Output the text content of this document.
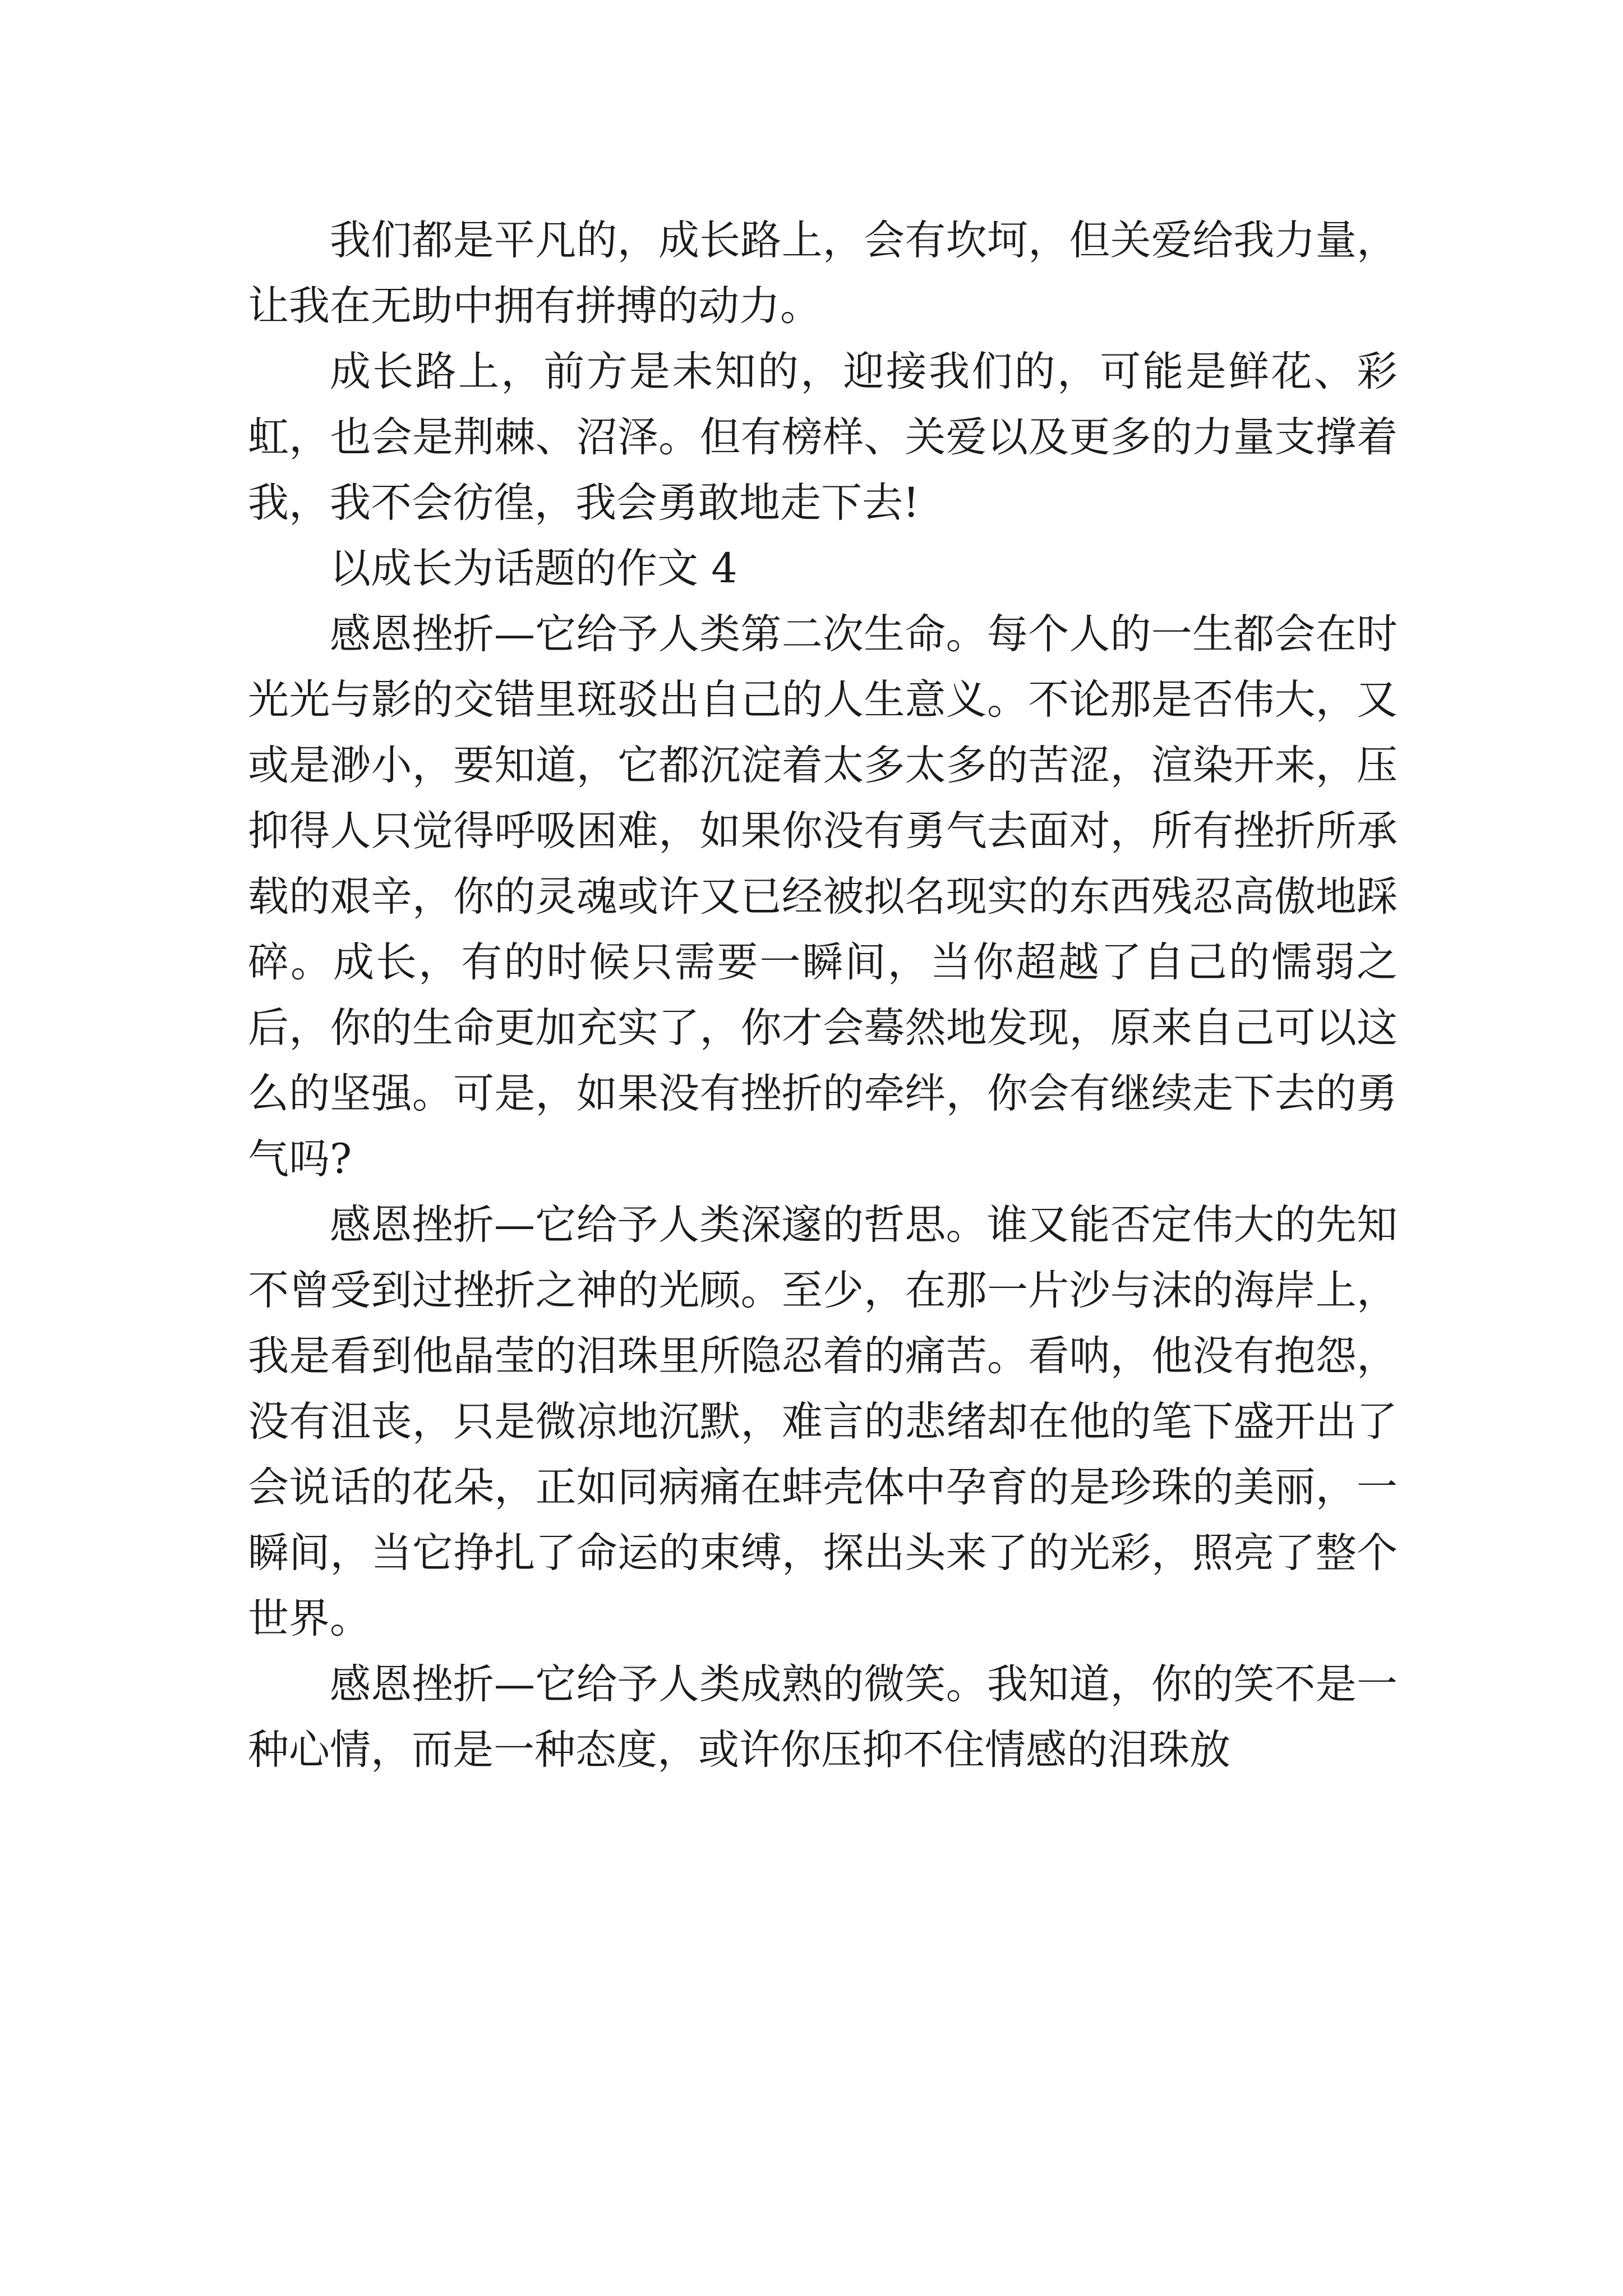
我们都是平凡的，成长路上，会有坎坷，但关爱给我力量，让我在无助中拥有拼搏的动力。

成长路上，前方是未知的，迎接我们的，可能是鲜花、彩虹，也会是荆棘、沼泽。但有榜样、关爱以及更多的力量支撑着我，我不会彷徨，我会勇敢地走下去!

以成长为话题的作文 4

感恩挫折—它给予人类第二次生命。每个人的一生都会在时光光与影的交错里斑驳出自己的人生意义。不论那是否伟大，又或是渺小，要知道，它都沉淀着太多太多的苦涩，渲染开来，压抑得人只觉得呼吸困难，如果你没有勇气去面对，所有挫折所承载的艰辛，你的灵魂或许又已经被拟名现实的东西残忍高傲地踩碎。成长，有的时候只需要一瞬间，当你超越了自己的懦弱之后，你的生命更加充实了，你才会蓦然地发现，原来自己可以这么的坚强。可是，如果没有挫折的牵绊，你会有继续走下去的勇气吗?

感恩挫折—它给予人类深邃的哲思。谁又能否定伟大的先知不曾受到过挫折之神的光顾。至少，在那一片沙与沫的海岸上，我是看到他晶莹的泪珠里所隐忍着的痛苦。看呐，他没有抱怨，没有沮丧，只是微凉地沉默，难言的悲绪却在他的笔下盛开出了会说话的花朵，正如同病痛在蚌壳体中孕育的是珍珠的美丽，一瞬间，当它挣扎了命运的束缚，探出头来了的光彩，照亮了整个世界。

感恩挫折—它给予人类成熟的微笑。我知道，你的笑不是一种心情，而是一种态度，或许你压抑不住情感的泪珠放
